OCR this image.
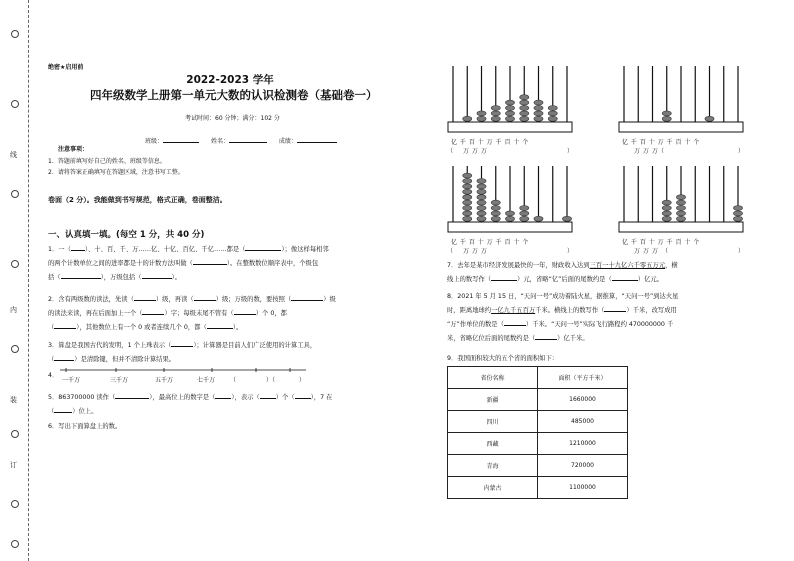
线
内
装
订
绝密★启用前
2022-2023 学年
四年级数学上册第一单元大数的认识检测卷（基础卷一）
考试时间：60 分钟；满分：102 分
班级：	姓名：	成绩：
注意事项：
1．答题前填写好自己的姓名、班级等信息。
2．请将答案正确填写在答题区域，注意书写工整。
卷面（2 分）。我能做到书写规范，格式正确，卷面整洁。
一、认真填一填。(每空 1 分，共 40 分)
1．一（ ）、十、百、千、万……亿、十亿、百亿、千亿……都是（	）；像这样每相邻
的两个计数单位之间的进率都是十的计数方法叫做（	）。在整数数位顺序表中，个级包
括（	），万级包括（	）。
2．含有两级数的读法，先读（	）级，再读（	）级；万级的数，要按照（	）级
的读法来读，再在后面加上一个（	）字；每级末尾不管有（	）个 0，都
（	），其他数位上有一个 0 或者连续几个 0，都（	）。
3．算盘是我国古代的发明，1 个上珠表示（	）；计算器是目前人们广泛使用的计算工具，
（	）是清除键，但并不清除计算结果。
4．
一千万	三千万	五千万	七千万 （	）（	）
5．863700000 读作（	），最高位上的数字是（	），表示（	）个（	），7 在
（	）位上。
6．写出下面算盘上的数。
亿 千 百 十 万 千 百 十 个
万 万 万
亿 千 百 十 万 千 百 十 个
万 万 万
（	）	（	）
亿 千 百 十 万 千 百 十 个
万 万 万
亿 千 百 十 万 千 百 十 个
万 万 万
（	）	（	）
7．去年是某市经济发展最快的一年，财政收入达到三百一十九亿六千零五万元，横
线上的数写作（	）元，省略“亿”后面的尾数约是（	）亿元。
8．2021 年 5 月 15 日，“天问一号”成功着陆火星，据推算，“天问一号”到达火星
时，距离地球约一亿九千五百万千米。横线上的数写作（	）千米，改写成用
“万”作单位的数是（	）千米。“天问一号”实际飞行路程约 470000000 千
米，省略亿位后面的尾数约是（	）亿千米。
9．我国面积较大的五个省的面积如下：
省份名称	面积（平方千米）
新疆	1660000
四川	485000
西藏	1210000
青海	720000
内蒙古	1100000
